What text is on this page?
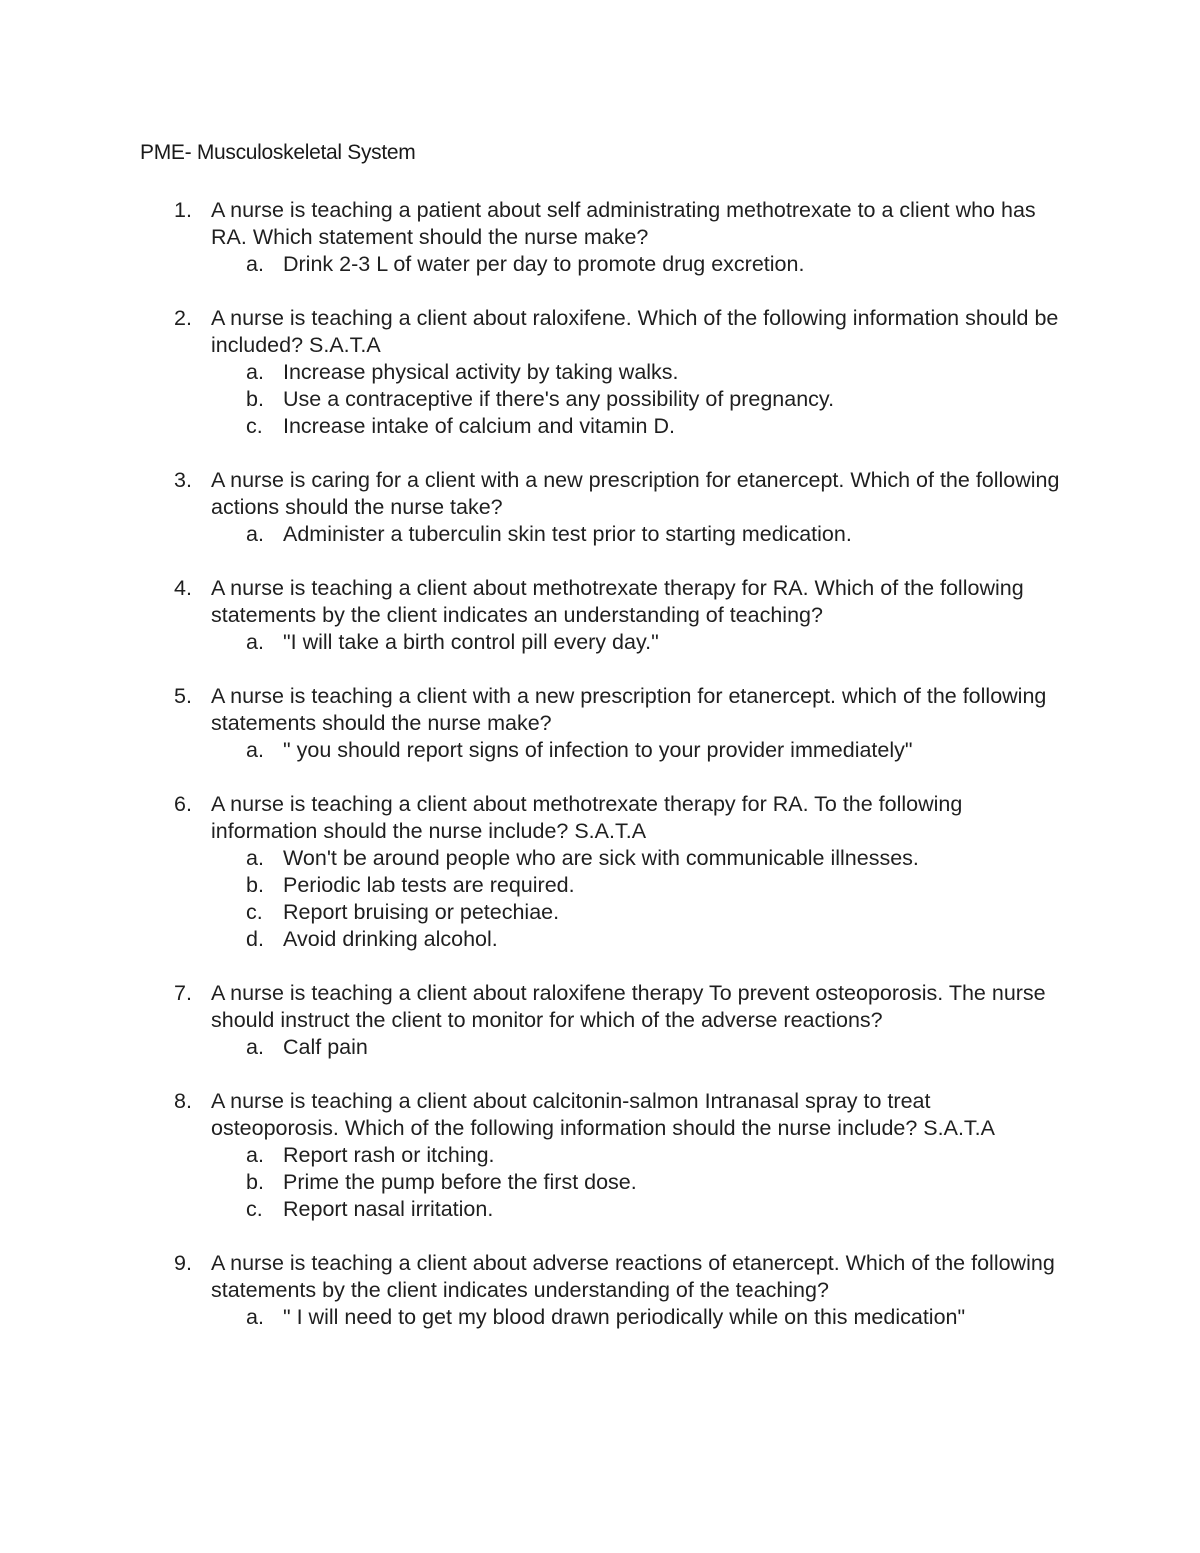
PME- Musculoskeletal System
1. A nurse is teaching a patient about self administrating methotrexate to a client who has RA. Which statement should the nurse make?
a. Drink 2-3 L of water per day to promote drug excretion.
2. A nurse is teaching a client about raloxifene. Which of the following information should be included? S.A.T.A
a. Increase physical activity by taking walks.
b. Use a contraceptive if there's any possibility of pregnancy.
c. Increase intake of calcium and vitamin D.
3. A nurse is caring for a client with a new prescription for etanercept. Which of the following actions should the nurse take?
a. Administer a tuberculin skin test prior to starting medication.
4. A nurse is teaching a client about methotrexate therapy for RA. Which of the following statements by the client indicates an understanding of teaching?
a. "I will take a birth control pill every day."
5. A nurse is teaching a client with a new prescription for etanercept. which of the following statements should the nurse make?
a. " you should report signs of infection to your provider immediately"
6. A nurse is teaching a client about methotrexate therapy for RA. To the following information should the nurse include? S.A.T.A
a. Won't be around people who are sick with communicable illnesses.
b. Periodic lab tests are required.
c. Report bruising or petechiae.
d. Avoid drinking alcohol.
7. A nurse is teaching a client about raloxifene therapy To prevent osteoporosis. The nurse should instruct the client to monitor for which of the adverse reactions?
a. Calf pain
8. A nurse is teaching a client about calcitonin-salmon Intranasal spray to treat osteoporosis. Which of the following information should the nurse include? S.A.T.A
a. Report rash or itching.
b. Prime the pump before the first dose.
c. Report nasal irritation.
9. A nurse is teaching a client about adverse reactions of etanercept. Which of the following statements by the client indicates understanding of the teaching?
a. " I will need to get my blood drawn periodically while on this medication"
